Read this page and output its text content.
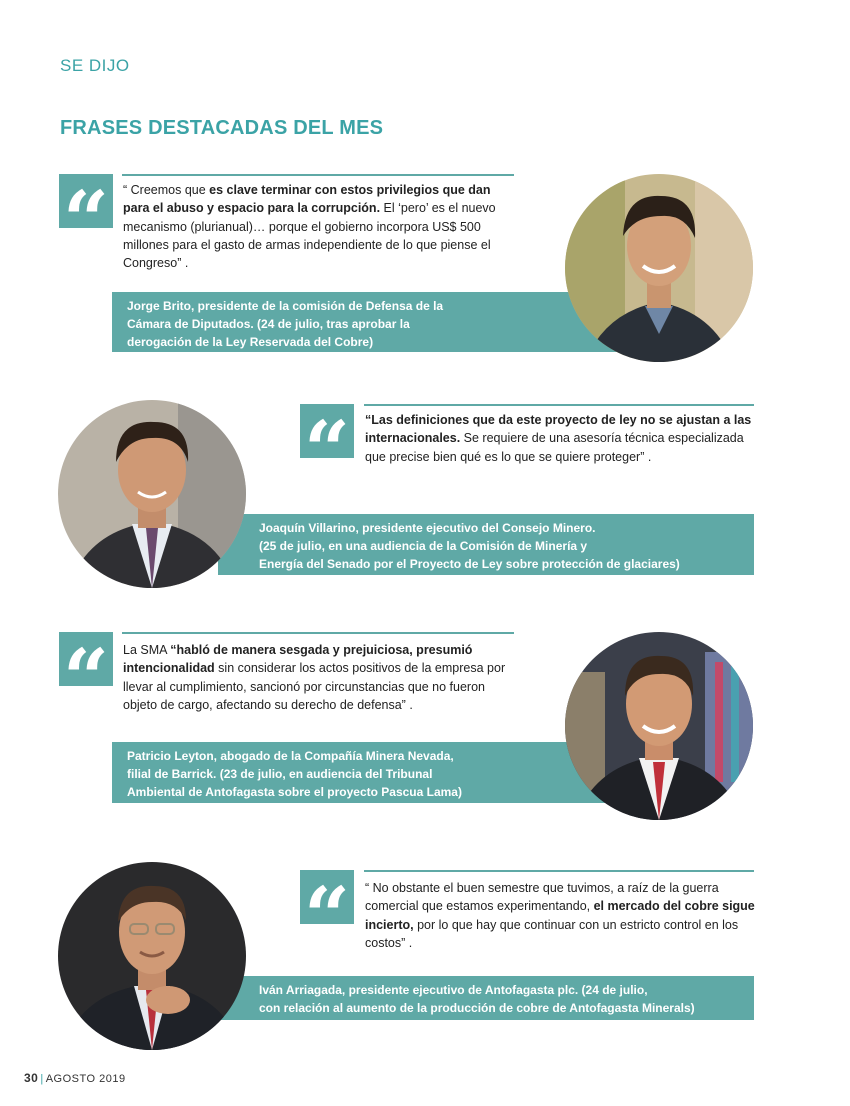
SE DIJO
FRASES DESTACADAS DEL MES
“	“ Creemos que es clave terminar con estos privilegios que dan para el abuso y espacio para la corrupción. El ‘pero’ es el nuevo mecanismo (plurianual)… porque el gobierno incorpora US$ 500 millones para el gasto de armas independiente de lo que piense el Congreso” .
Jorge Brito, presidente de la comisión de Defensa de la
Cámara de Diputados. (24 de julio, tras aprobar la
derogación de la Ley Reservada del Cobre)
“	“Las definiciones que da este proyecto de ley no se ajustan a las internacionales. Se requiere de una asesoría técnica especializada que precise bien qué es lo que se quiere proteger” .
Joaquín Villarino, presidente ejecutivo del Consejo Minero.
(25 de julio, en una audiencia de la Comisión de Minería y
Energía del Senado por el Proyecto de Ley sobre protección de glaciares)
“	La SMA “habló de manera sesgada y prejuiciosa, presumió intencionalidad sin considerar los actos positivos de la empresa por llevar al cumplimiento, sancionó por circunstancias que no fueron objeto de cargo, afectando su derecho de defensa” .
Patricio Leyton, abogado de la Compañía Minera Nevada,
filial de Barrick. (23 de julio, en audiencia del Tribunal
Ambiental de Antofagasta sobre el proyecto Pascua Lama)
“	“ No obstante el buen semestre que tuvimos, a raíz de la guerra comercial que estamos experimentando, el mercado del cobre sigue incierto, por lo que hay que continuar con un estricto control en los costos” .
Iván Arriagada, presidente ejecutivo de Antofagasta plc. (24 de julio,
con relación al aumento de la producción de cobre de Antofagasta Minerals)
30 | AGOSTO 2019
